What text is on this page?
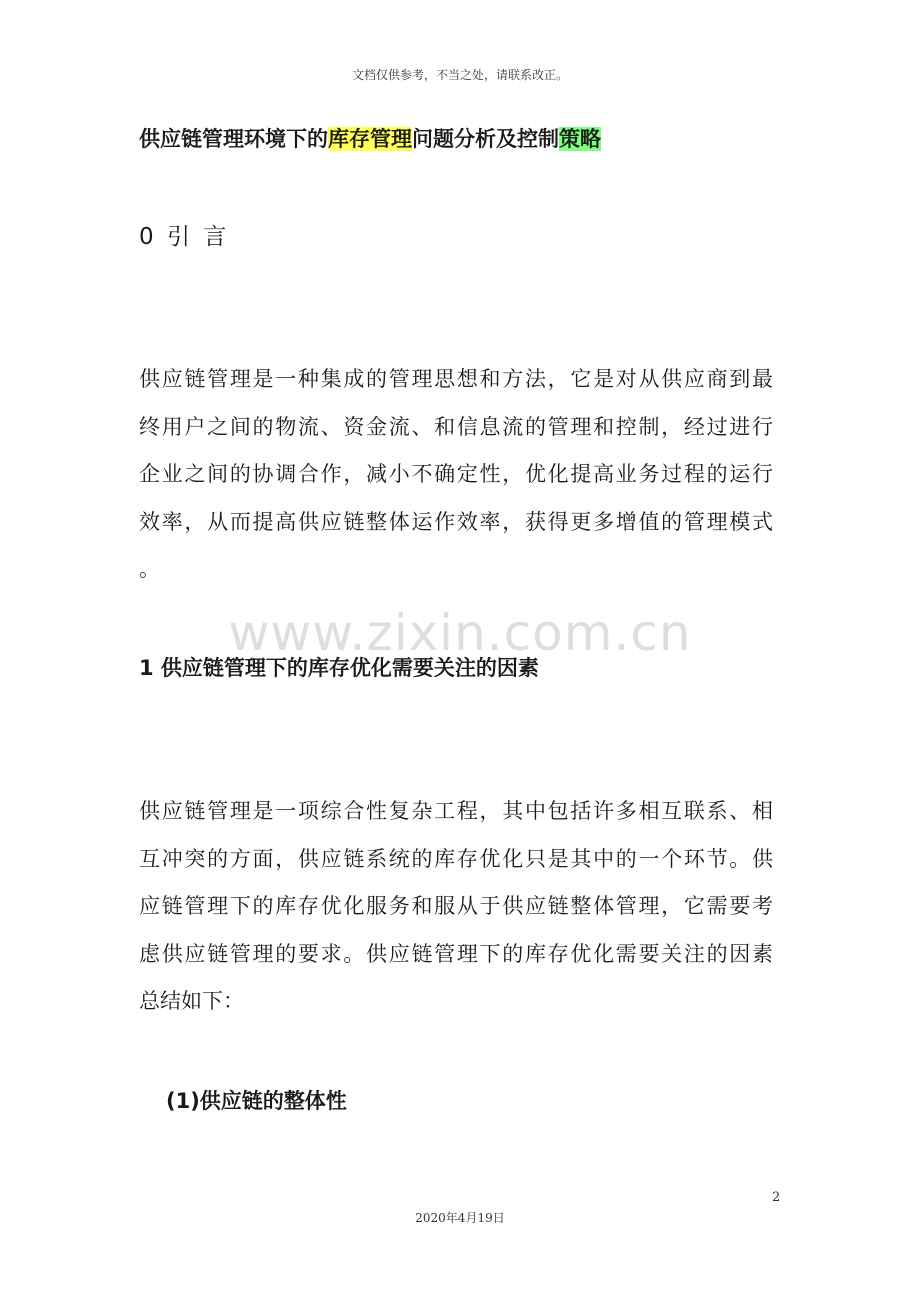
文档仅供参考，不当之处，请联系改正。
供应链管理环境下的库存管理问题分析及控制策略
0 引 言
供应链管理是一种集成的管理思想和方法，它是对从供应商到最
终用户之间的物流、资金流、和信息流的管理和控制，经过进行
企业之间的协调合作，减小不确定性，优化提高业务过程的运行
效率，从而提高供应链整体运作效率，获得更多增值的管理模式
。
www.zixin.com.cn
1 供应链管理下的库存优化需要关注的因素
供应链管理是一项综合性复杂工程，其中包括许多相互联系、相
互冲突的方面，供应链系统的库存优化只是其中的一个环节。供
应链管理下的库存优化服务和服从于供应链整体管理，它需要考
虑供应链管理的要求。供应链管理下的库存优化需要关注的因素
总结如下：
(1)供应链的整体性
2
2020年4月19日
